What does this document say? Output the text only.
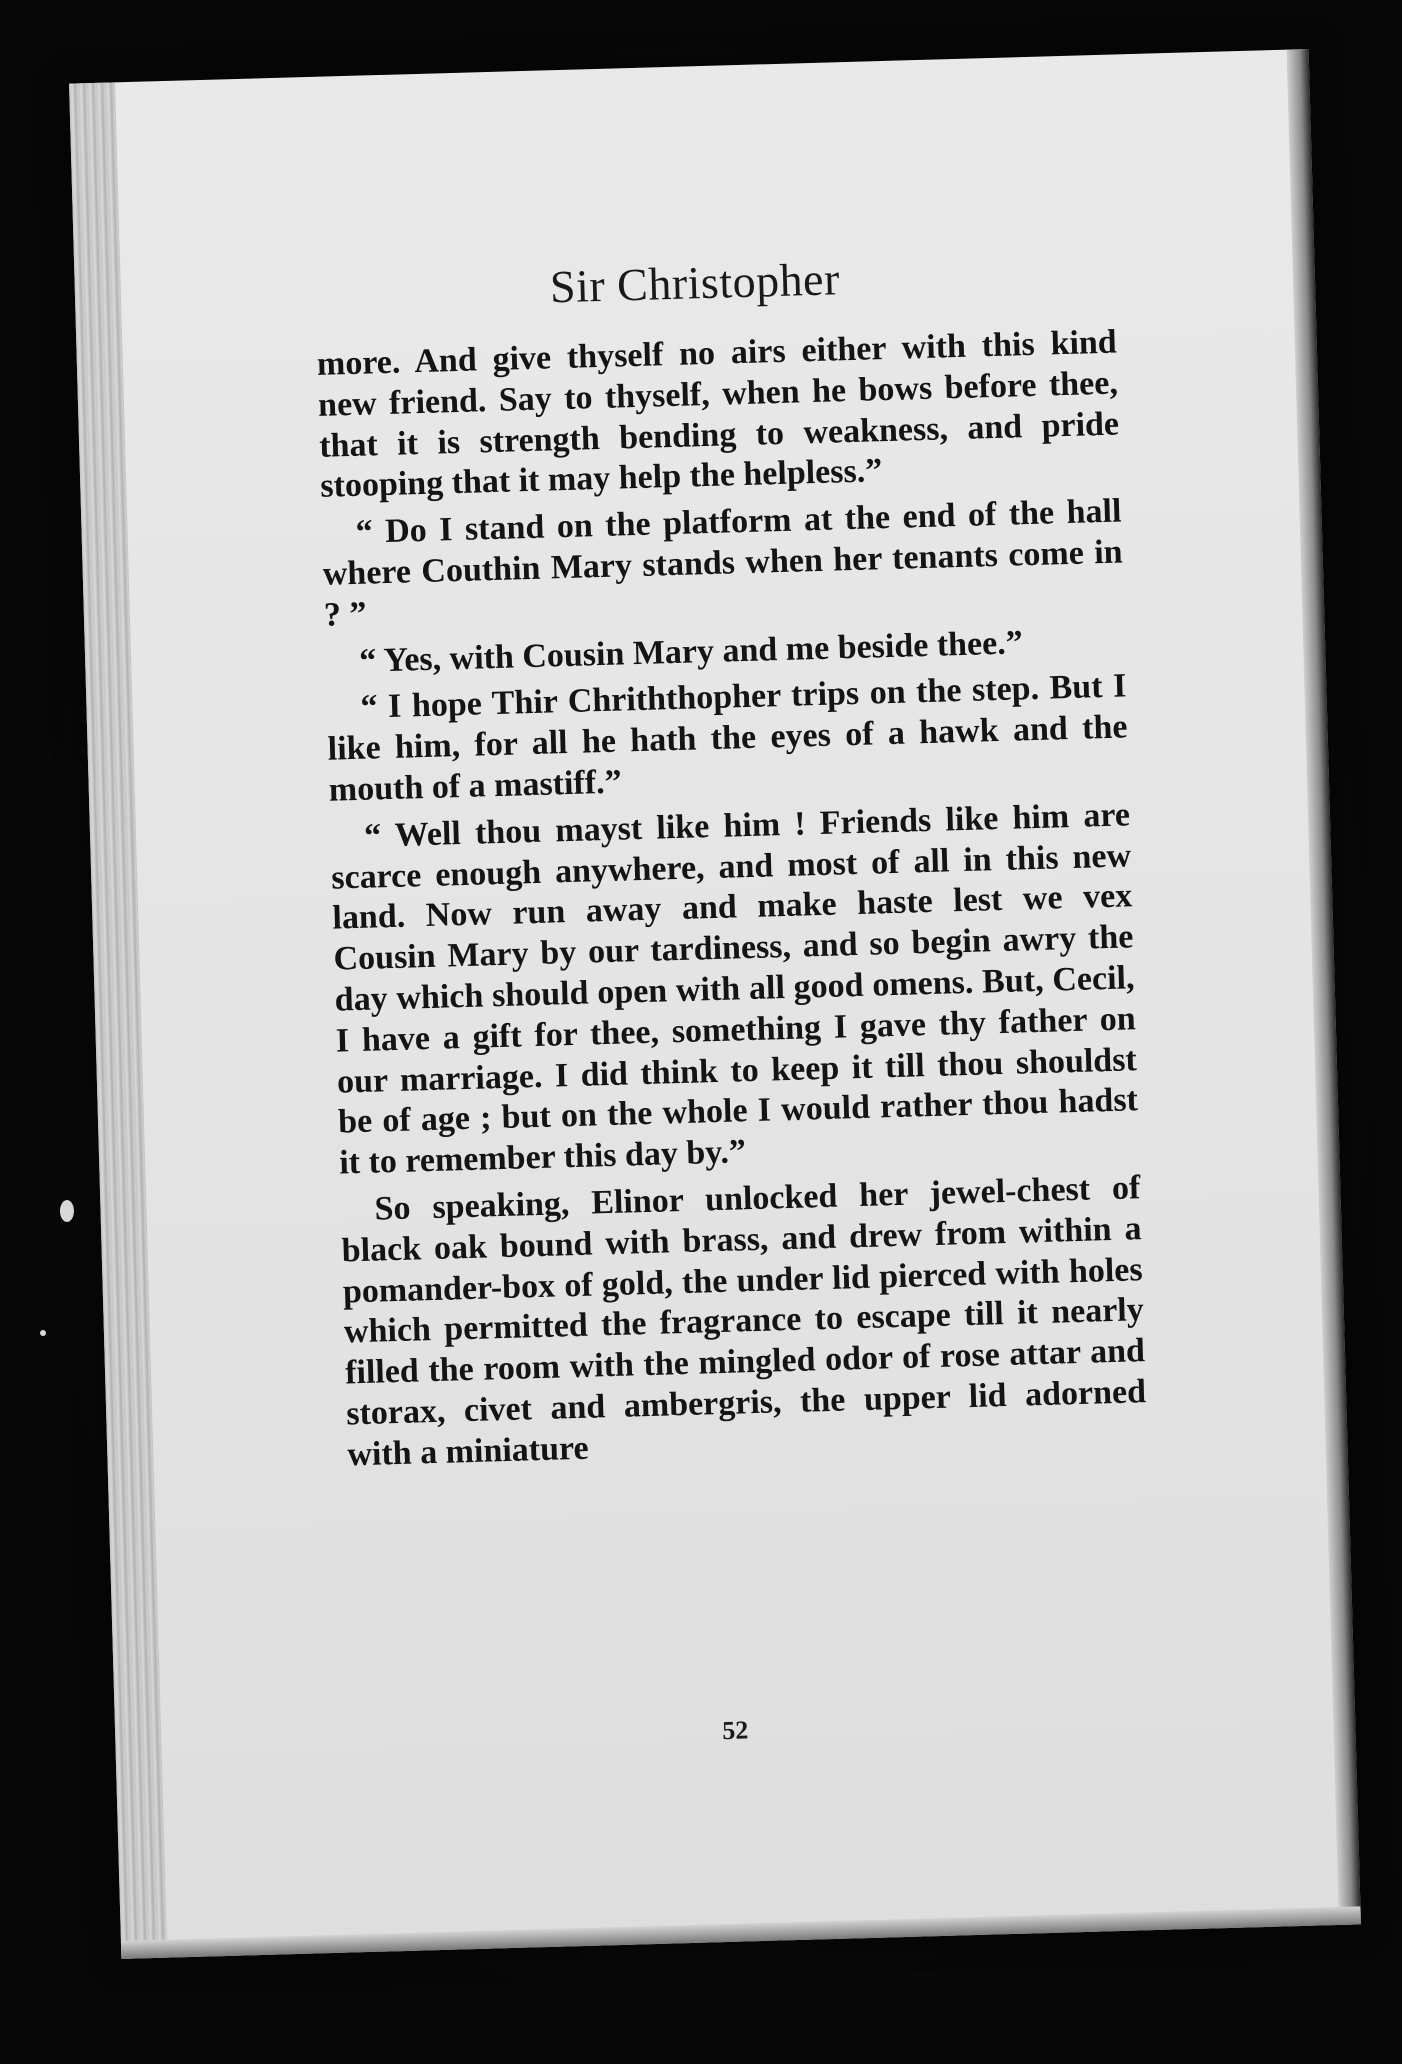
Sir Christopher

more. And give thyself no airs either with this kind new friend. Say to thyself, when he bows before thee, that it is strength bending to weakness, and pride stooping that it may help the helpless.”

“ Do I stand on the platform at the end of the hall where Couthin Mary stands when her tenants come in ? ”

“ Yes, with Cousin Mary and me beside thee.”

“ I hope Thir Chriththopher trips on the step. But I like him, for all he hath the eyes of a hawk and the mouth of a mastiff.”

“ Well thou mayst like him ! Friends like him are scarce enough anywhere, and most of all in this new land. Now run away and make haste lest we vex Cousin Mary by our tardiness, and so begin awry the day which should open with all good omens. But, Cecil, I have a gift for thee, something I gave thy father on our marriage. I did think to keep it till thou shouldst be of age ; but on the whole I would rather thou hadst it to remember this day by.”

So speaking, Elinor unlocked her jewel-chest of black oak bound with brass, and drew from within a pomander-box of gold, the under lid pierced with holes which permitted the fragrance to escape till it nearly filled the room with the mingled odor of rose attar and storax, civet and ambergris, the upper lid adorned with a miniature

52
